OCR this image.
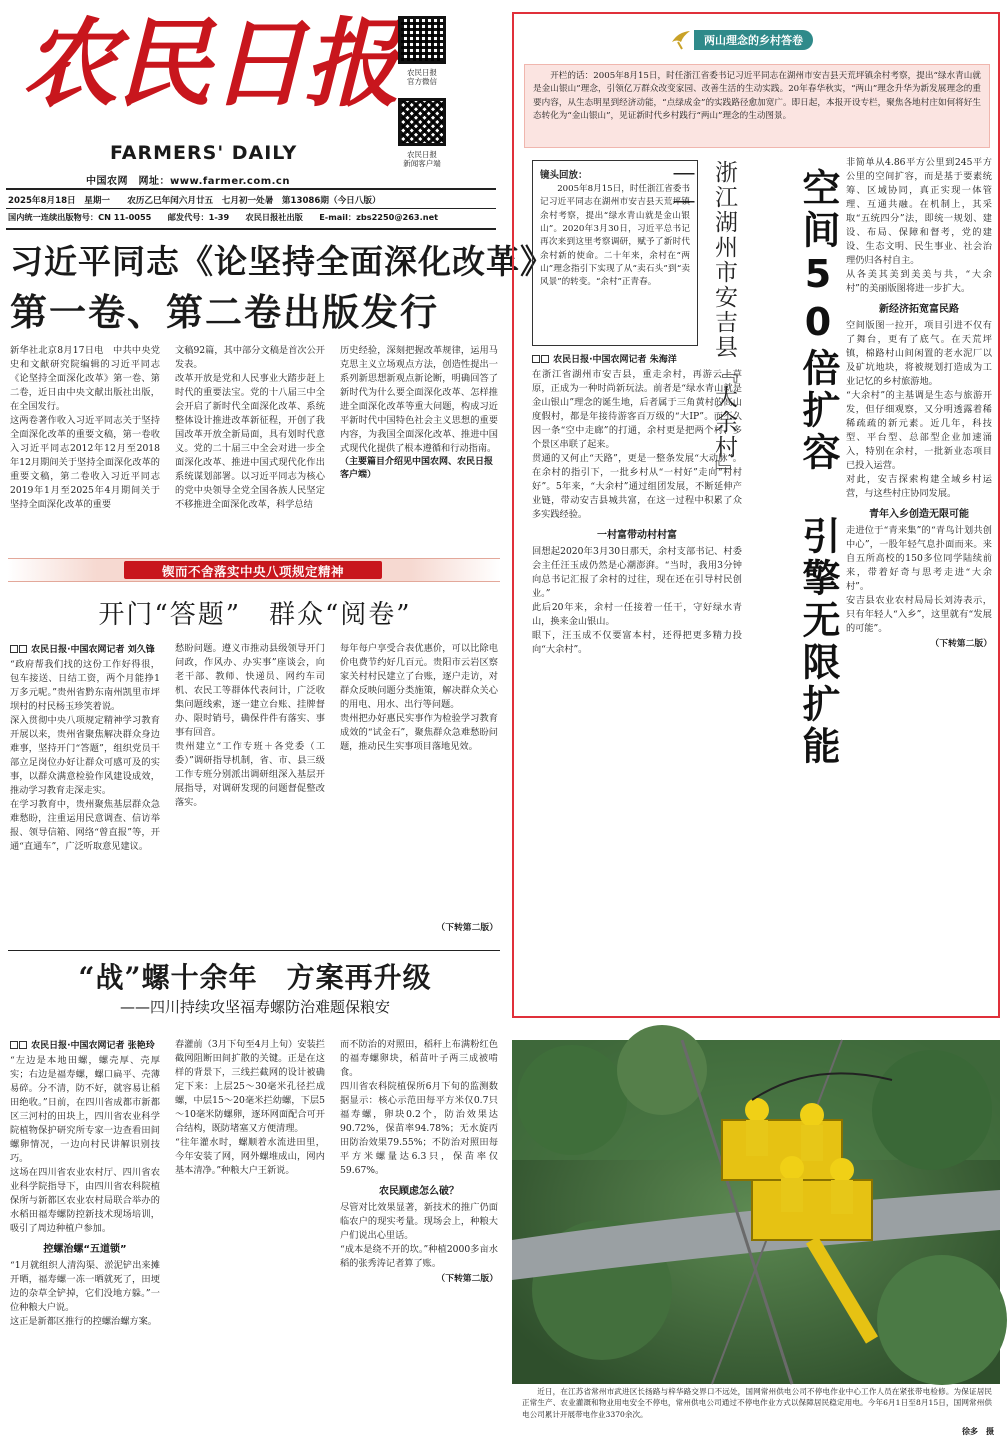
农民日报
FARMERS' DAILY
中国农网　网址：www.farmer.com.cn
农民日报
官方微信
农民日报
新闻客户端
2025年8月18日　星期一　　农历乙巳年闰六月廿五　七月初一处暑　第13086期（今日八版）
国内统一连续出版物号：CN 11-0055　　邮发代号：1-39　　农民日报社出版　　E-mail：zbs2250@263.net
习近平同志《论坚持全面深化改革》
第一卷、第二卷出版发行
新华社北京8月17日电　中共中央党史和文献研究院编辑的习近平同志《论坚持全面深化改革》第一卷、第二卷，近日由中央文献出版社出版，在全国发行。
这两卷著作收入习近平同志关于坚持全面深化改革的重要文稿，第一卷收入习近平同志2012年12月至2018年12月期间关于坚持全面深化改革的重要文稿，第二卷收入习近平同志2019年1月至2025年4月期间关于坚持全面深化改革的重要
文稿92篇，其中部分文稿是首次公开发表。
改革开放是党和人民事业大踏步赶上时代的重要法宝。党的十八届三中全会开启了新时代全面深化改革、系统整体设计推进改革新征程，开创了我国改革开放全新局面，具有划时代意义。党的二十届三中全会对进一步全面深化改革、推进中国式现代化作出系统谋划部署。以习近平同志为核心的党中央领导全党全国各族人民坚定不移推进全面深化改革，科学总结
历史经验，深刻把握改革规律，运用马克思主义立场观点方法，创造性提出一系列新思想新观点新论断，明确回答了新时代为什么要全面深化改革、怎样推进全面深化改革等重大问题，构成习近平新时代中国特色社会主义思想的重要内容，为我国全面深化改革、推进中国式现代化提供了根本遵循和行动指南。
（主要篇目介绍见中国农网、农民日报客户端）
锲而不舍落实中央八项规定精神
开门“答题”　群众“阅卷”
农民日报·中国农网记者 刘久锋
“政府帮我们找的这份工作好得很，包车接送、日结工资，两个月能挣1万多元呢。”贵州省黔东南州凯里市坪坝村的村民杨玉珍笑着说。
深入贯彻中央八项规定精神学习教育开展以来，贵州省聚焦解决群众身边难事，坚持开门“答题”，组织党员干部立足岗位办好让群众可感可及的实事，以群众满意检验作风建设成效，推动学习教育走深走实。
在学习教育中，贵州聚焦基层群众急难愁盼，注重运用民意调查、信访举报、领导信箱、网络“曾直报”等，开通“直通车”，广泛听取意见建议。
愁盼问题。遵义市推动县级领导开门问政，作风办、办实事”座谈会，向老干部、教师、快递员、网约车司机、农民工等群体代表问计，广泛收集问题线索，逐一建立台账、挂牌督办、限时销号，确保件件有落实、事事有回音。
贵州建立“工作专班＋各党委（工委）”调研指导机制，省、市、县三级工作专班分别派出调研组深入基层开展指导，对调研发现的问题督促整改落实。
每年每户享受合表优惠价，可以比除电价电费节约好几百元。贵阳市云岩区察家关村村民建立了台账，逐户走访，对群众反映问题分类施策，解决群众关心的用电、用水、出行等问题。
贵州把办好惠民实事作为检验学习教育成效的“试金石”，聚焦群众急难愁盼问题，推动民生实事项目落地见效。
（下转第二版）
“战”螺十余年　方案再升级
——四川持续攻坚福寿螺防治难题保粮安
农民日报·中国农网记者 张艳玲
“左边是本地田螺，螺壳厚、壳厚实；右边是福寿螺，螺口扁平、壳薄易碎。分不清，防不好，就容易让稻田绝收。”日前，在四川省成都市新都区三河村的田块上，四川省农业科学院植物保护研究所专家一边查看田间螺卵情况，一边向村民讲解识别技巧。
这场在四川省农业农村厅、四川省农业科学院指导下，由四川省农科院植保所与新都区农业农村局联合举办的水稻田福寿螺防控新技术现场培训，吸引了周边种植户参加。
控螺治螺“五道锁”
“1月就组织人清沟渠、淤泥铲出来摊开晒，福寿螺一冻一晒就死了，田埂边的杂草全铲掉，它们没地方躲。”一位种粮大户说。
这正是新都区推行的控螺治螺方案。
春灌前（3月下旬至4月上旬）安装拦截网阻断田间扩散的关键。正是在这样的背景下，三线拦截网的设计被确定下来：上层25～30毫米孔径拦成螺，中层15～20毫米拦幼螺，下层5～10毫米防螺卵，逐环网面配合可开合结构，既防堵塞又方便清理。
“往年灌水时，螺顺着水流进田里，今年安装了网，网外螺堆成山，网内基本清净。”种粮大户王新说。
而不防治的对照田，稻秆上布满粉红色的福寿螺卵块，稻苗叶子两三成被啃食。
四川省农科院植保所6月下旬的监测数据显示：核心示范田每平方米仅0.7只福寿螺，卵块0.2个，防治效果达90.72%，保苗率94.78%；无水旋丙田防治效果79.55%；不防治对照田每平方米螺量达6.3只，保苗率仅59.67%。
农民顾虑怎么破？
尽管对比效果显著，新技术的推广仍面临农户的现实考量。现场会上，种粮大户们说出心里话。
“成本是绕不开的坎。”种植2000多亩水稻的张秀涛记者算了账。
（下转第二版）
两山理念的乡村答卷
开栏的话：2005年8月15日，时任浙江省委书记习近平同志在湖州市安吉县天荒坪镇余村考察，提出“绿水青山就是金山银山”理念，引领亿万群众改变家园、改善生活的生动实践。20年春华秋实，“两山”理念升华为新发展理念的重要内容，从生态明星到经济动能，“点绿成金”的实践路径愈加宽广。即日起，本报开设专栏，聚焦各地村庄如何将好生态转化为“金山银山”，见证新时代乡村践行“两山”理念的生动图景。
镜头回放：
2005年8月15日，时任浙江省委书记习近平同志在湖州市安吉县天荒坪镇余村考察，提出“绿水青山就是金山银山”。2020年3月30日，习近平总书记再次来到这里考察调研，赋予了新时代余村新的使命。二十年来，余村在“两山”理念指引下实现了从“卖石头”到“卖风景”的转变。“余村”正青春。	浙江湖州市安吉县『大余村』——	空间50倍扩容　引擎无限扩能
农民日报·中国农网记者 朱海洋
在浙江省湖州市安吉县，重走余村，再游云上草原，正成为一种时尚新玩法。前者是“绿水青山就是金山银山”理念的诞生地，后者属于三角黄村的高山度假村，都是年接待游客百万级的“大IP”。而不久因一条“空中走廊”的打通，余村更是把两个村、多个景区串联了起来。
贯通的又何止“天路”，更是一整条发展“大动脉”。在余村的指引下，一批乡村从“一村好”走向“村村好”。5年来，“大余村”通过组团发展，不断延伸产业链，带动安吉县城共富，在这一过程中积累了众多实践经验。
一村富带动村村富
回想起2020年3月30日那天，余村支部书记、村委会主任汪玉成仍然是心潮澎湃。“当时，我用3分钟向总书记汇报了余村的过往，现在还在引导村民创业。”
此后20年来，余村一任接着一任干，守好绿水青山，换来金山银山。
眼下，汪玉成不仅要富本村，还得把更多精力投向“大余村”。
非简单从4.86平方公里到245平方公里的空间扩容，而是基于要素统筹、区域协同，真正实现一体管理、互通共融。在机制上，其采取“五统四分”法，即统一规划、建设、布局、保障和督考，党的建设、生态文明、民生事业、社会治理仍归各村自主。
从各美其美到美美与共，“大余村”的美丽版图将进一步扩大。
新经济拓宽富民路
空间版图一拉开，项目引进不仅有了舞台，更有了底气。在天荒坪镇，棉路村山间闲置的老水泥厂以及矿坑地块，将被规划打造成为工业记忆的乡村旅游地。
“大余村”的主基调是生态与旅游开发，但仔细观察，又分明透露着稀稀疏疏的新元素。近几年，科技型、平台型、总部型企业加速涌入，特别在余村，一批新业态项目已投入运营。
对此，安吉探索构建全域乡村运营，与这些村庄协同发展。
青年入乡创造无限可能
走进位于“青来集”的“青鸟计划共创中心”，一股年轻气息扑面而来。来自五所高校的150多位同学陆续前来，带着好奇与思考走进“大余村”。
安吉县农业农村局局长刘涛表示，只有年轻人“入乡”，这里就有“发展的可能”。
（下转第二版）
近日，在江苏省常州市武进区长扬路与梓华路交界口不远处，国网常州供电公司不停电作业中心工作人员在紧张带电检修。为保证居民正常生产、农业灌溉和物业用电安全不停电，常州供电公司通过不停电作业方式以保障居民稳定用电。今年6月1日至8月15日，国网常州供电公司累计开展带电作业3370余次。
徐多　摄
